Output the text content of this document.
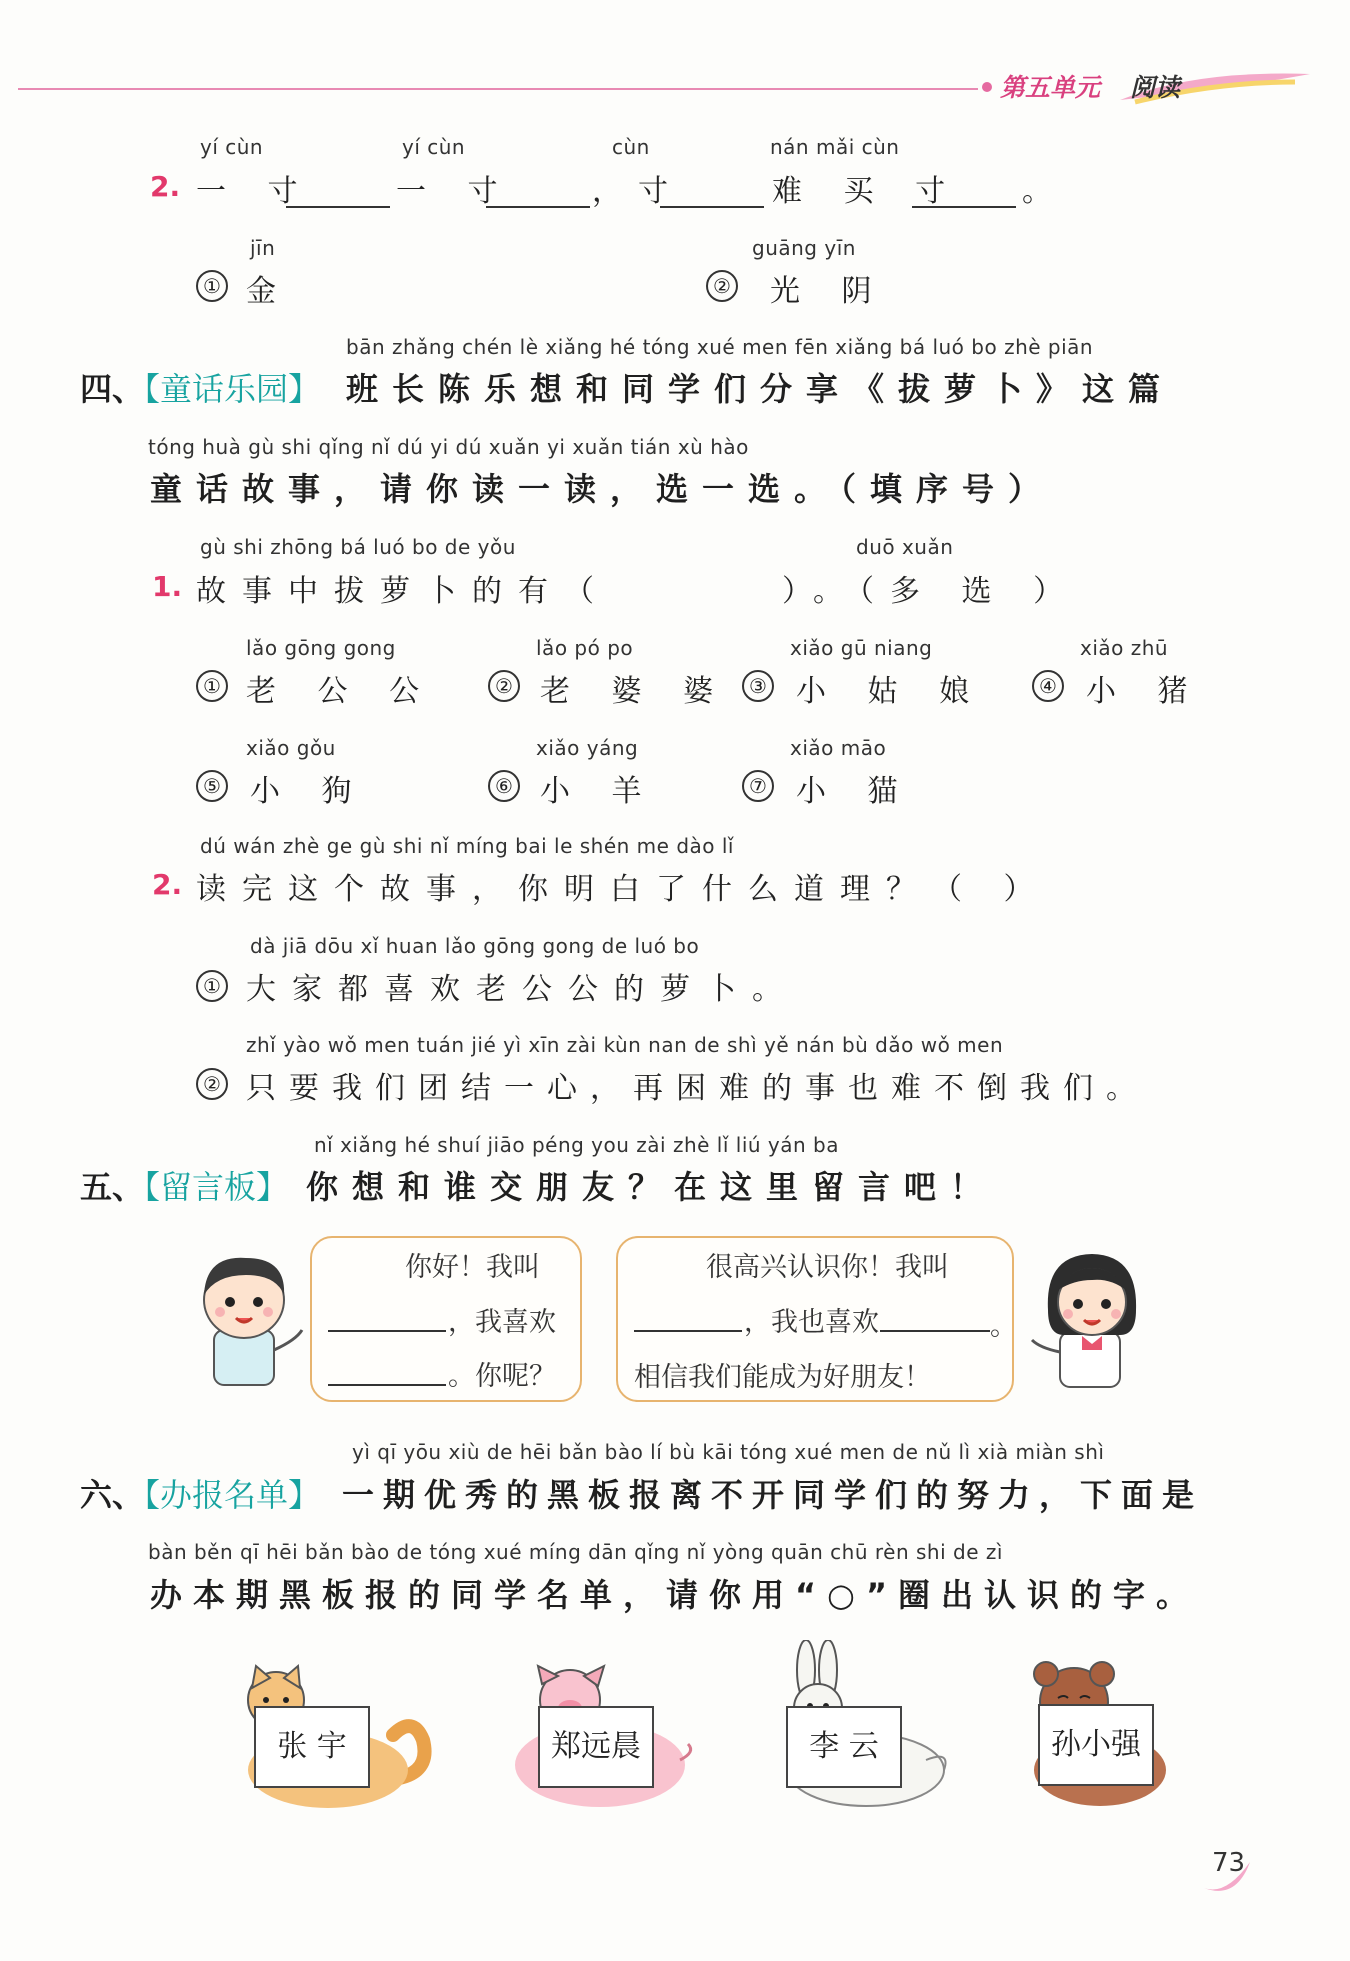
第五单元 阅读
2.
yí cùn
一 寸
yí cùn
一 寸
cùn
，寸
nán mǎi cùn
难 买 寸 。
①
jīn
金	②
guāng yīn
光 阴
bān zhǎng chén lè xiǎng hé tóng xué men fēn xiǎng bá luó bo zhè piān
四、【童话乐园】 班长陈乐想和同学们分享《拔萝卜》这篇
tóng huà gù shi qǐng nǐ dú yi dú xuǎn yi xuǎn tián xù hào
童话故事，请你读一读，选一选。（填序号）
1.
gù shi zhōng bá luó bo de yǒu
故事中拔萝卜的有（
duō xuǎn
）。（多 选 ）
①
lǎo gōng gong
老 公 公	②
lǎo pó po
老 婆 婆 ③
xiǎo gū niang
小 姑 娘	④
xiǎo zhū
小 猪
⑤
xiǎo gǒu
小 狗	⑥
xiǎo yáng
小 羊	⑦
xiǎo māo
小 猫
2.
dú wán zhè ge gù shi nǐ míng bai le shén me dào lǐ
读完这个故事，你明白了什么道理？（ ）
①
dà jiā dōu xǐ huan lǎo gōng gong de luó bo
大家都喜欢老公公的萝卜。
②
zhǐ yào wǒ men tuán jié yì xīn zài kùn nan de shì yě nán bù dǎo wǒ men
只要我们团结一心，再困难的事也难不倒我们。
nǐ xiǎng hé shuí jiāo péng you zài zhè lǐ liú yán ba
五、【留言板】 你想和谁交朋友？在这里留言吧！
你好！我叫
，我喜欢
。你呢？
很高兴认识你！我叫
，我也喜欢	。
相信我们能成为好朋友！
yì qī yōu xiù de hēi bǎn bào lí bù kāi tóng xué men de nǔ lì xià miàn shì
六、【办报名单】 一期优秀的黑板报离不开同学们的努力，下面是
bàn běn qī hēi bǎn bào de tóng xué míng dān qǐng nǐ yòng quān chū rèn shi de zì
办本期黑板报的同学名单，请你用“○”圈出认识的字。
张 宇	郑远晨	李 云	孙小强
73
